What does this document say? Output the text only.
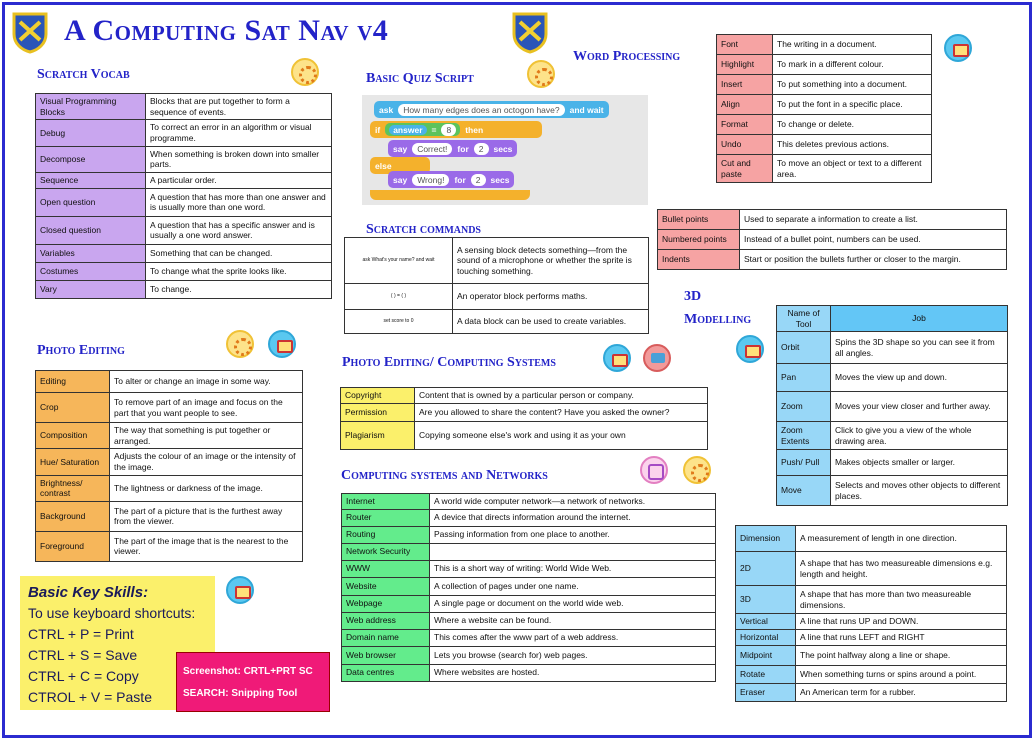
A Computing Sat Nav v4
Scratch Vocab	Basic Quiz Script
Word Processing
Scratch commands
Photo Editing
Photo Editing/ Computing Systems
Computing systems and Networks
3D
Modelling
Visual Programming Blocks	Blocks that are put together to form a sequence of events.
Debug	To correct an error in an algorithm or visual programme.
Decompose	When something is broken down into smaller parts.
Sequence	A particular order.
Open question	A question that has more than one answer and is usually more than one word.
Closed question	A question that has a specific answer and is usually a one word answer.
Variables	Something that can be changed.
Costumes	To change what the sprite looks like.
Vary	To change.
ask	How many edges does an octogon have?	and wait
if	answer	=	8	then
say	Correct!	for	2	secs
else
say	Wrong!	for	2	secs
ask What's your name? and wait	A sensing block detects something—from the sound of a microphone or whether the sprite is touching something.
( ) = ( )	An operator block performs maths.
set score to 0	A data block can be used to create variables.
Font	The writing in a document.
Highlight	To mark in a different colour.
Insert	To put something into a document.
Align	To put the font in a specific place.
Format	To change or delete.
Undo	This deletes previous actions.
Cut and paste	To move an object or text to a different area.
Bullet points	Used to separate a information to create a list.
Numbered points	Instead of a bullet point, numbers can be used.
Indents	Start or position the bullets further or closer to the margin.
Editing	To alter or change an image in some way.
Crop	To remove part of an image and focus on the part that you want people to see.
Composition	The way that something is put together or arranged.
Hue/ Saturation	Adjusts the colour of an image or the intensity of the image.
Brightness/ contrast	The lightness or darkness of the image.
Background	The part of a picture that is the furthest away from the viewer.
Foreground	The part of the image that is the nearest to the viewer.
Copyright	Content that is owned by a particular person or company.
Permission	Are you allowed to share the content? Have you asked the owner?
Plagiarism	Copying someone else's work and using it as your own
Internet	A world wide computer network—a network of networks.
Router	A device that directs information around the internet.
Routing	Passing information from one place to another.
Network Security	
WWW	This is a short way of writing: World Wide Web.
Website	A collection of pages under one name.
Webpage	A single page or document on the world wide web.
Web address	Where a website can be found.
Domain name	This comes after the www part of a web address.
Web browser	Lets you browse (search for) web pages.
Data centres	Where websites are hosted.
Name of Tool	Job
Orbit	Spins the 3D shape so you can see it from all angles.
Pan	Moves the view up and down.
Zoom	Moves your view closer and further away.
Zoom Extents	Click to give you a view of the whole drawing area.
Push/ Pull	Makes objects smaller or larger.
Move	Selects and moves other objects to different places.
Dimension	A measurement of length in one direction.
2D	A shape that has two measureable dimensions e.g. length and height.
3D	A shape that has more than two measureable dimensions.
Vertical	A line that runs UP and DOWN.
Horizontal	A line that runs LEFT and RIGHT
Midpoint	The point halfway along a line or shape.
Rotate	When something turns or spins around a point.
Eraser	An American term for a rubber.
Basic Key Skills:
To use keyboard shortcuts:
CTRL + P = Print
CTRL + S = Save
CTRL + C = Copy
CTROL + V = Paste
Screenshot: CRTL+PRT SC
SEARCH: Snipping Tool
